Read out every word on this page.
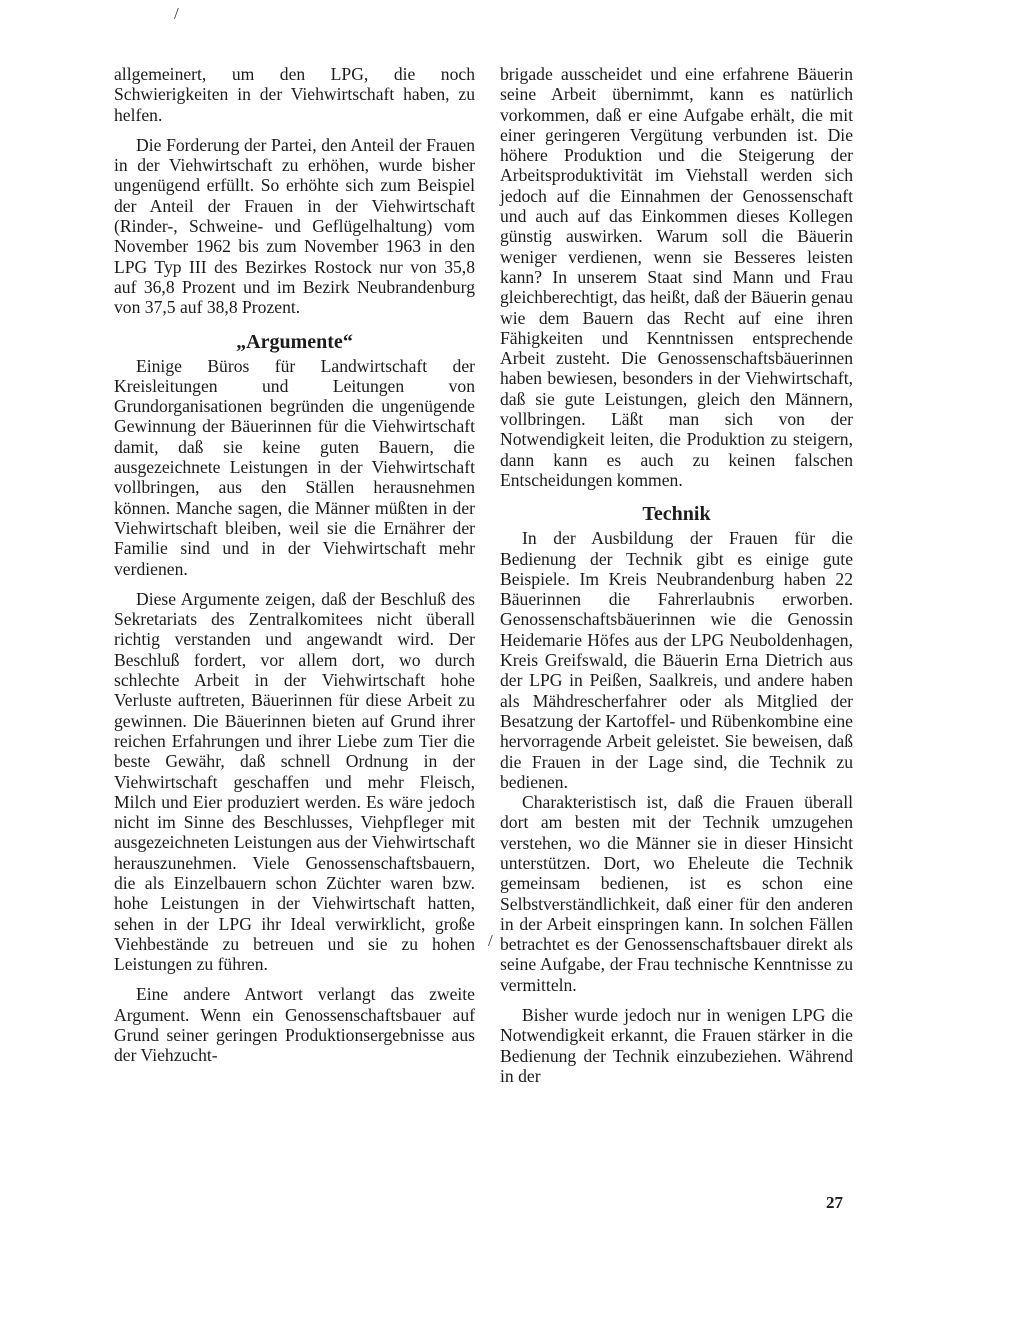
/
/

allgemeinert, um den LPG, die noch Schwierigkeiten in der Viehwirtschaft haben, zu helfen.

Die Forderung der Partei, den Anteil der Frauen in der Viehwirtschaft zu erhöhen, wurde bisher ungenügend erfüllt. So erhöhte sich zum Beispiel der Anteil der Frauen in der Viehwirtschaft (Rinder-, Schweine- und Geflügelhaltung) vom November 1962 bis zum November 1963 in den LPG Typ III des Bezirkes Rostock nur von 35,8 auf 36,8 Prozent und im Bezirk Neubrandenburg von 37,5 auf 38,8 Prozent.

„Argumente“

Einige Büros für Landwirtschaft der Kreisleitungen und Leitungen von Grundorganisationen begründen die ungenügende Gewinnung der Bäuerinnen für die Viehwirtschaft damit, daß sie keine guten Bauern, die ausgezeichnete Leistungen in der Viehwirtschaft vollbringen, aus den Ställen herausnehmen können. Manche sagen, die Männer müßten in der Viehwirtschaft bleiben, weil sie die Ernährer der Familie sind und in der Viehwirtschaft mehr verdienen.

Diese Argumente zeigen, daß der Beschluß des Sekretariats des Zentralkomitees nicht überall richtig verstanden und angewandt wird. Der Beschluß fordert, vor allem dort, wo durch schlechte Arbeit in der Viehwirtschaft hohe Verluste auftreten, Bäuerinnen für diese Arbeit zu gewinnen. Die Bäuerinnen bieten auf Grund ihrer reichen Erfahrungen und ihrer Liebe zum Tier die beste Gewähr, daß schnell Ordnung in der Viehwirtschaft geschaffen und mehr Fleisch, Milch und Eier produziert werden. Es wäre jedoch nicht im Sinne des Beschlusses, Viehpfleger mit ausgezeichneten Leistungen aus der Viehwirtschaft herauszunehmen. Viele Genossenschaftsbauern, die als Einzelbauern schon Züchter waren bzw. hohe Leistungen in der Viehwirtschaft hatten, sehen in der LPG ihr Ideal verwirklicht, große Viehbestände zu betreuen und sie zu hohen Leistungen zu führen.

Eine andere Antwort verlangt das zweite Argument. Wenn ein Genossenschaftsbauer auf Grund seiner geringen Produktionsergebnisse aus der Viehzucht-

brigade ausscheidet und eine erfahrene Bäuerin seine Arbeit übernimmt, kann es natürlich vorkommen, daß er eine Aufgabe erhält, die mit einer geringeren Vergütung verbunden ist. Die höhere Produktion und die Steigerung der Arbeitsproduktivität im Viehstall werden sich jedoch auf die Einnahmen der Genossenschaft und auch auf das Einkommen dieses Kollegen günstig auswirken. Warum soll die Bäuerin weniger verdienen, wenn sie Besseres leisten kann? In unserem Staat sind Mann und Frau gleichberechtigt, das heißt, daß der Bäuerin genau wie dem Bauern das Recht auf eine ihren Fähigkeiten und Kenntnissen entsprechende Arbeit zusteht. Die Genossenschaftsbäuerinnen haben bewiesen, besonders in der Viehwirtschaft, daß sie gute Leistungen, gleich den Männern, vollbringen. Läßt man sich von der Notwendigkeit leiten, die Produktion zu steigern, dann kann es auch zu keinen falschen Entscheidungen kommen.

Technik

In der Ausbildung der Frauen für die Bedienung der Technik gibt es einige gute Beispiele. Im Kreis Neubrandenburg haben 22 Bäuerinnen die Fahrerlaubnis erworben. Genossenschaftsbäuerinnen wie die Genossin Heidemarie Höfes aus der LPG Neuboldenhagen, Kreis Greifswald, die Bäuerin Erna Dietrich aus der LPG in Peißen, Saalkreis, und andere haben als Mähdrescherfahrer oder als Mitglied der Besatzung der Kartoffel- und Rübenkombine eine hervorragende Arbeit geleistet. Sie beweisen, daß die Frauen in der Lage sind, die Technik zu bedienen.

Charakteristisch ist, daß die Frauen überall dort am besten mit der Technik umzugehen verstehen, wo die Männer sie in dieser Hinsicht unterstützen. Dort, wo Eheleute die Technik gemeinsam bedienen, ist es schon eine Selbstverständlichkeit, daß einer für den anderen in der Arbeit einspringen kann. In solchen Fällen betrachtet es der Genossenschaftsbauer direkt als seine Aufgabe, der Frau technische Kenntnisse zu vermitteln.

Bisher wurde jedoch nur in wenigen LPG die Notwendigkeit erkannt, die Frauen stärker in die Bedienung der Technik einzubeziehen. Während in der

27
